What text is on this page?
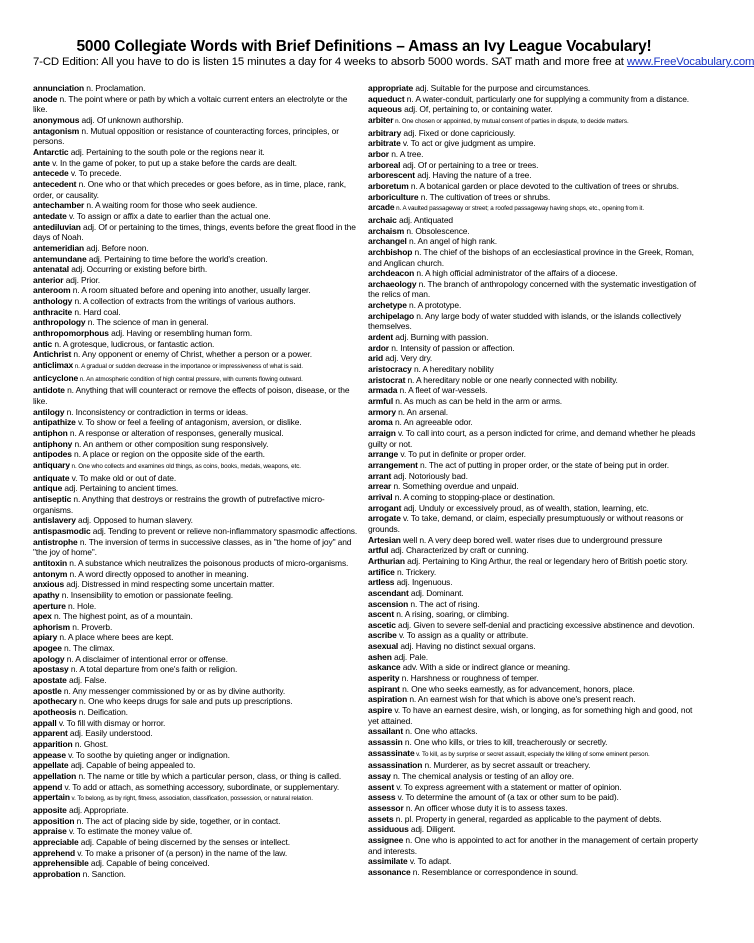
5000 Collegiate Words with Brief Definitions – Amass an Ivy League Vocabulary!
7-CD Edition: All you have to do is listen 15 minutes a day for 4 weeks to absorb 5000 words. SAT math and more free at www.FreeVocabulary.com

annunciation n. Proclamation.

anode n. The point where or path by which a voltaic current enters an electrolyte or the like.

anonymous adj. Of unknown authorship.

antagonism n. Mutual opposition or resistance of counteracting forces, principles, or persons.

Antarctic adj. Pertaining to the south pole or the regions near it.

ante v. In the game of poker, to put up a stake before the cards are dealt.

antecede v. To precede.

antecedent n. One who or that which precedes or goes before, as in time, place, rank, order, or causality.

antechamber n. A waiting room for those who seek audience.

antedate v. To assign or affix a date to earlier than the actual one.

antediluvian adj. Of or pertaining to the times, things, events before the great flood in the days of Noah.

antemeridian adj. Before noon.

antemundane adj. Pertaining to time before the world's creation.

antenatal adj. Occurring or existing before birth.

anterior adj. Prior.

anteroom n. A room situated before and opening into another, usually larger.

anthology n. A collection of extracts from the writings of various authors.

anthracite n. Hard coal.

anthropology n. The science of man in general.

anthropomorphous adj. Having or resembling human form.

antic n. A grotesque, ludicrous, or fantastic action.

Antichrist n. Any opponent or enemy of Christ, whether a person or a power.

anticlimax n. A gradual or sudden decrease in the importance or impressiveness of what is said.

anticyclone n. An atmospheric condition of high central pressure, with currents flowing outward.

antidote n. Anything that will counteract or remove the effects of poison, disease, or the like.

antilogy n. Inconsistency or contradiction in terms or ideas.

antipathize v. To show or feel a feeling of antagonism, aversion, or dislike.

antiphon n. A response or alteration of responses, generally musical.

antiphony n. An anthem or other composition sung responsively.

antipodes n. A place or region on the opposite side of the earth.

antiquary n. One who collects and examines old things, as coins, books, medals, weapons, etc.

antiquate v. To make old or out of date.

antique adj. Pertaining to ancient times.

antiseptic n. Anything that destroys or restrains the growth of putrefactive micro-organisms.

antislavery adj. Opposed to human slavery.

antispasmodic adj. Tending to prevent or relieve non-inflammatory spasmodic affections.

antistrophe n. The inversion of terms in successive classes, as in "the home of joy" and "the joy of home".

antitoxin n. A substance which neutralizes the poisonous products of micro-organisms.

antonym n. A word directly opposed to another in meaning.

anxious adj. Distressed in mind respecting some uncertain matter.

apathy n. Insensibility to emotion or passionate feeling.

aperture n. Hole.

apex n. The highest point, as of a mountain.

aphorism n. Proverb.

apiary n. A place where bees are kept.

apogee n. The climax.

apology n. A disclaimer of intentional error or offense.

apostasy n. A total departure from one's faith or religion.

apostate adj. False.

apostle n. Any messenger commissioned by or as by divine authority.

apothecary n. One who keeps drugs for sale and puts up prescriptions.

apotheosis n. Deification.

appall v. To fill with dismay or horror.

apparent adj. Easily understood.

apparition n. Ghost.

appease v. To soothe by quieting anger or indignation.

appellate adj. Capable of being appealed to.

appellation n. The name or title by which a particular person, class, or thing is called.

append v. To add or attach, as something accessory, subordinate, or supplementary.

appertain v. To belong, as by right, fitness, association, classification, possession, or natural relation.

apposite adj. Appropriate.

apposition n. The act of placing side by side, together, or in contact.

appraise v. To estimate the money value of.

appreciable adj. Capable of being discerned by the senses or intellect.

apprehend v. To make a prisoner of (a person) in the name of the law.

apprehensible adj. Capable of being conceived.

approbation n. Sanction.

appropriate adj. Suitable for the purpose and circumstances.

aqueduct n. A water-conduit, particularly one for supplying a community from a distance.

aqueous adj. Of, pertaining to, or containing water.

arbiter n. One chosen or appointed, by mutual consent of parties in dispute, to decide matters.

arbitrary adj. Fixed or done capriciously.

arbitrate v. To act or give judgment as umpire.

arbor n. A tree.

arboreal adj. Of or pertaining to a tree or trees.

arborescent adj. Having the nature of a tree.

arboretum n. A botanical garden or place devoted to the cultivation of trees or shrubs.

arboriculture n. The cultivation of trees or shrubs.

arcade n. A vaulted passageway or street; a roofed passageway having shops, etc., opening from it.

archaic adj. Antiquated

archaism n. Obsolescence.

archangel n. An angel of high rank.

archbishop n. The chief of the bishops of an ecclesiastical province in the Greek, Roman, and Anglican church.

archdeacon n. A high official administrator of the affairs of a diocese.

archaeology n. The branch of anthropology concerned with the systematic investigation of the relics of man.

archetype n. A prototype.

archipelago n. Any large body of water studded with islands, or the islands collectively themselves.

ardent adj. Burning with passion.

ardor n. Intensity of passion or affection.

arid adj. Very dry.

aristocracy n. A hereditary nobility

aristocrat n. A hereditary noble or one nearly connected with nobility.

armada n. A fleet of war-vessels.

armful n. As much as can be held in the arm or arms.

armory n. An arsenal.

aroma n. An agreeable odor.

arraign v. To call into court, as a person indicted for crime, and demand whether he pleads guilty or not.

arrange v. To put in definite or proper order.

arrangement n. The act of putting in proper order, or the state of being put in order.

arrant adj. Notoriously bad.

arrear n. Something overdue and unpaid.

arrival n. A coming to stopping-place or destination.

arrogant adj. Unduly or excessively proud, as of wealth, station, learning, etc.

arrogate v. To take, demand, or claim, especially presumptuously or without reasons or grounds.

Artesian well n. A very deep bored well. water rises due to underground pressure

artful adj. Characterized by craft or cunning.

Arthurian adj. Pertaining to King Arthur, the real or legendary hero of British poetic story.

artifice n. Trickery.

artless adj. Ingenuous.

ascendant adj. Dominant.

ascension n. The act of rising.

ascent n. A rising, soaring, or climbing.

ascetic adj. Given to severe self-denial and practicing excessive abstinence and devotion.

ascribe v. To assign as a quality or attribute.

asexual adj. Having no distinct sexual organs.

ashen adj. Pale.

askance adv. With a side or indirect glance or meaning.

asperity n. Harshness or roughness of temper.

aspirant n. One who seeks earnestly, as for advancement, honors, place.

aspiration n. An earnest wish for that which is above one's present reach.

aspire v. To have an earnest desire, wish, or longing, as for something high and good, not yet attained.

assailant n. One who attacks.

assassin n. One who kills, or tries to kill, treacherously or secretly.

assassinate v. To kill, as by surprise or secret assault, especially the killing of some eminent person.

assassination n. Murderer, as by secret assault or treachery.

assay n. The chemical analysis or testing of an alloy ore.

assent v. To express agreement with a statement or matter of opinion.

assess v. To determine the amount of (a tax or other sum to be paid).

assessor n. An officer whose duty it is to assess taxes.

assets n. pl. Property in general, regarded as applicable to the payment of debts.

assiduous adj. Diligent.

assignee n. One who is appointed to act for another in the management of certain property and interests.

assimilate v. To adapt.

assonance n. Resemblance or correspondence in sound.
